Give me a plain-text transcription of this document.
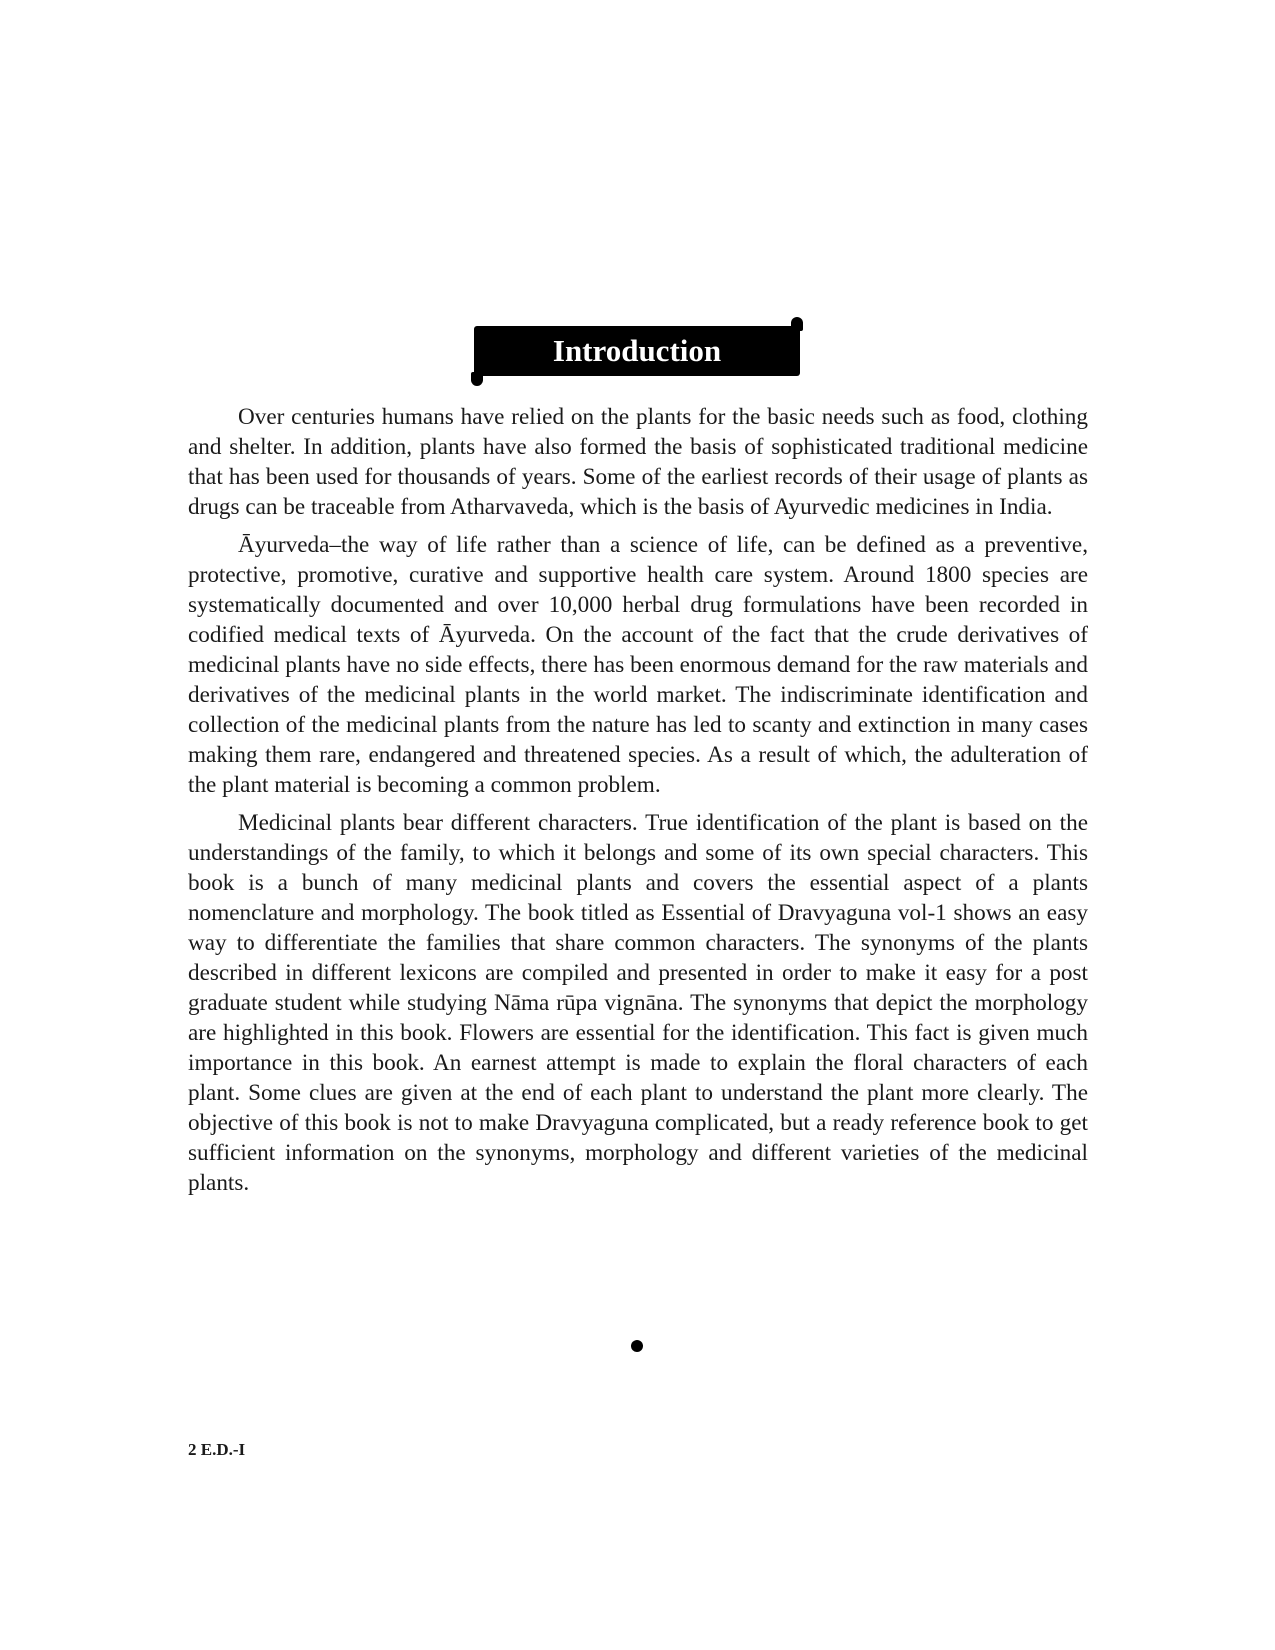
Introduction

Over centuries humans have relied on the plants for the basic needs such as food, clothing and shelter. In addition, plants have also formed the basis of sophisticated traditional medicine that has been used for thousands of years. Some of the earliest records of their usage of plants as drugs can be traceable from Atharvaveda, which is the basis of Ayurvedic medicines in India.

Āyurveda–the way of life rather than a science of life, can be defined as a preventive, protective, promotive, curative and supportive health care system. Around 1800 species are systematically documented and over 10,000 herbal drug formulations have been recorded in codified medical texts of Āyurveda. On the account of the fact that the crude derivatives of medicinal plants have no side effects, there has been enormous demand for the raw materials and derivatives of the medicinal plants in the world market. The indiscriminate identification and collection of the medicinal plants from the nature has led to scanty and extinction in many cases making them rare, endangered and threatened species. As a result of which, the adulteration of the plant material is becoming a common problem.

Medicinal plants bear different characters. True identification of the plant is based on the understandings of the family, to which it belongs and some of its own special characters. This book is a bunch of many medicinal plants and covers the essential aspect of a plants nomenclature and morphology. The book titled as Essential of Dravyaguna vol-1 shows an easy way to differentiate the families that share common characters. The synonyms of the plants described in different lexicons are compiled and presented in order to make it easy for a post graduate student while studying Nāma rūpa vignāna. The synonyms that depict the morphology are highlighted in this book. Flowers are essential for the identification. This fact is given much importance in this book. An earnest attempt is made to explain the floral characters of each plant. Some clues are given at the end of each plant to understand the plant more clearly. The objective of this book is not to make Dravyaguna complicated, but a ready reference book to get sufficient information on the synonyms, morphology and different varieties of the medicinal plants.

2 E.D.-I
